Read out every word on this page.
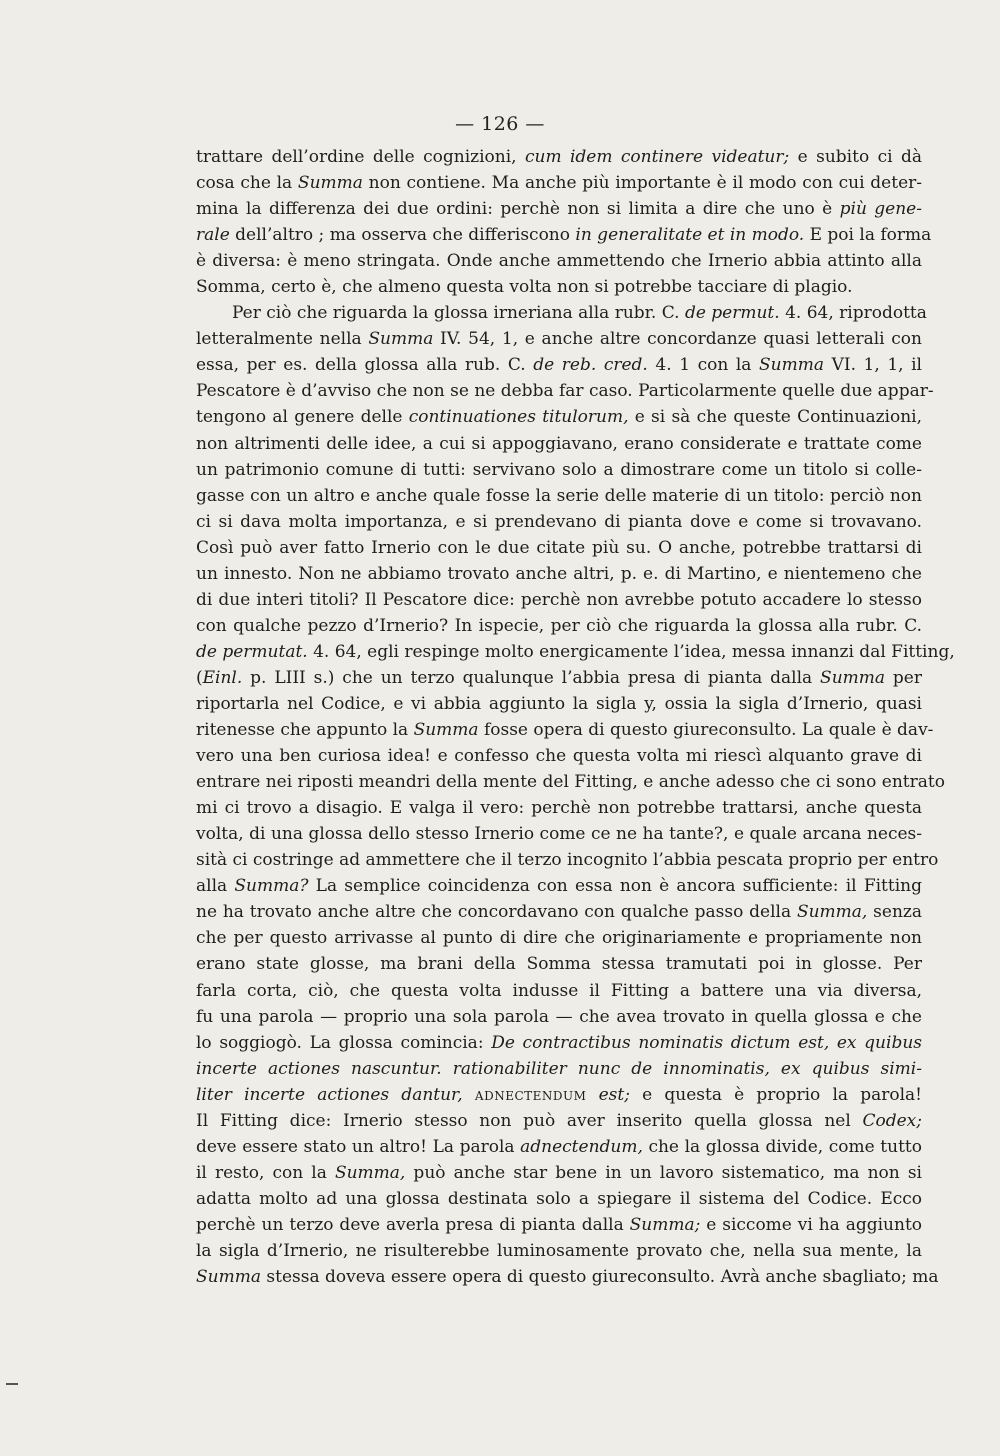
— 126 —
trattare dell’ordine delle cognizioni, cum idem continere videatur; e subito ci dà
cosa che la Summa non contiene. Ma anche più importante è il modo con cui deter-
mina la differenza dei due ordini: perchè non si limita a dire che uno è più gene-
rale dell’altro ; ma osserva che differiscono in generalitate et in modo. E poi la forma
è diversa: è meno stringata. Onde anche ammettendo che Irnerio abbia attinto alla
Somma, certo è, che almeno questa volta non si potrebbe tacciare di plagio.
Per ciò che riguarda la glossa irneriana alla rubr. C. de permut. 4. 64, riprodotta
letteralmente nella Summa IV. 54, 1, e anche altre concordanze quasi letterali con
essa, per es. della glossa alla rub. C. de reb. cred. 4. 1 con la Summa VI. 1, 1, il
Pescatore è d’avviso che non se ne debba far caso. Particolarmente quelle due appar-
tengono al genere delle continuationes titulorum, e si sà che queste Continuazioni,
non altrimenti delle idee, a cui si appoggiavano, erano considerate e trattate come
un patrimonio comune di tutti: servivano solo a dimostrare come un titolo si colle-
gasse con un altro e anche quale fosse la serie delle materie di un titolo: perciò non
ci si dava molta importanza, e si prendevano di pianta dove e come si trovavano.
Così può aver fatto Irnerio con le due citate più su. O anche, potrebbe trattarsi di
un innesto. Non ne abbiamo trovato anche altri, p. e. di Martino, e nientemeno che
di due interi titoli? Il Pescatore dice: perchè non avrebbe potuto accadere lo stesso
con qualche pezzo d’Irnerio? In ispecie, per ciò che riguarda la glossa alla rubr. C.
de permutat. 4. 64, egli respinge molto energicamente l’idea, messa innanzi dal Fitting,
(Einl. p. LIII s.) che un terzo qualunque l’abbia presa di pianta dalla Summa per
riportarla nel Codice, e vi abbia aggiunto la sigla y, ossia la sigla d’Irnerio, quasi
ritenesse che appunto la Summa fosse opera di questo giureconsulto. La quale è dav-
vero una ben curiosa idea! e confesso che questa volta mi riescì alquanto grave di
entrare nei riposti meandri della mente del Fitting, e anche adesso che ci sono entrato
mi ci trovo a disagio. E valga il vero: perchè non potrebbe trattarsi, anche questa
volta, di una glossa dello stesso Irnerio come ce ne ha tante?, e quale arcana neces-
sità ci costringe ad ammettere che il terzo incognito l’abbia pescata proprio per entro
alla Summa? La semplice coincidenza con essa non è ancora sufficiente: il Fitting
ne ha trovato anche altre che concordavano con qualche passo della Summa, senza
che per questo arrivasse al punto di dire che originariamente e propriamente non
erano state glosse, ma brani della Somma stessa tramutati poi in glosse. Per
farla corta, ciò, che questa volta indusse il Fitting a battere una via diversa,
fu una parola — proprio una sola parola — che avea trovato in quella glossa e che
lo soggiogò. La glossa comincia: De contractibus nominatis dictum est, ex quibus
incerte actiones nascuntur. rationabiliter nunc de innominatis, ex quibus simi-
liter incerte actiones dantur, adnectendum est; e questa è proprio la parola!
Il Fitting dice: Irnerio stesso non può aver inserito quella glossa nel Codex;
deve essere stato un altro! La parola adnectendum, che la glossa divide, come tutto
il resto, con la Summa, può anche star bene in un lavoro sistematico, ma non si
adatta molto ad una glossa destinata solo a spiegare il sistema del Codice. Ecco
perchè un terzo deve averla presa di pianta dalla Summa; e siccome vi ha aggiunto
la sigla d’Irnerio, ne risulterebbe luminosamente provato che, nella sua mente, la
Summa stessa doveva essere opera di questo giureconsulto. Avrà anche sbagliato; ma
